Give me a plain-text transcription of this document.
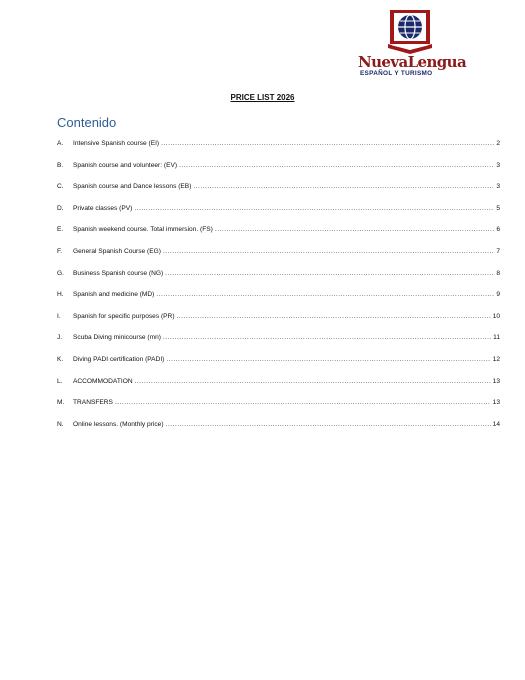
NuevaLengua
ESPAÑOL Y TURISMO
PRICE LIST 2026
Contenido
A.	Intensive Spanish course (EI) .....	2
B.	Spanish course and volunteer: (EV) .....	3
C.	Spanish course and Dance lessons (EB) .....	3
D.	Private classes (PV) .....	5
E.	Spanish weekend course. Total immersion. (FS) .....	6
F.	General Spanish Course (EG) .....	7
G.	Business Spanish course (NG) .....	8
H.	Spanish and medicine (MD) .....	9
I.	Spanish for specific purposes (PR) .....	10
J.	Scuba Diving minicourse (mn) .....	11
K.	Diving PADI certification (PADI) .....	12
L.	ACCOMMODATION .....	13
M.	TRANSFERS .....	13
N.	Online lessons. (Monthly price) .....	14
